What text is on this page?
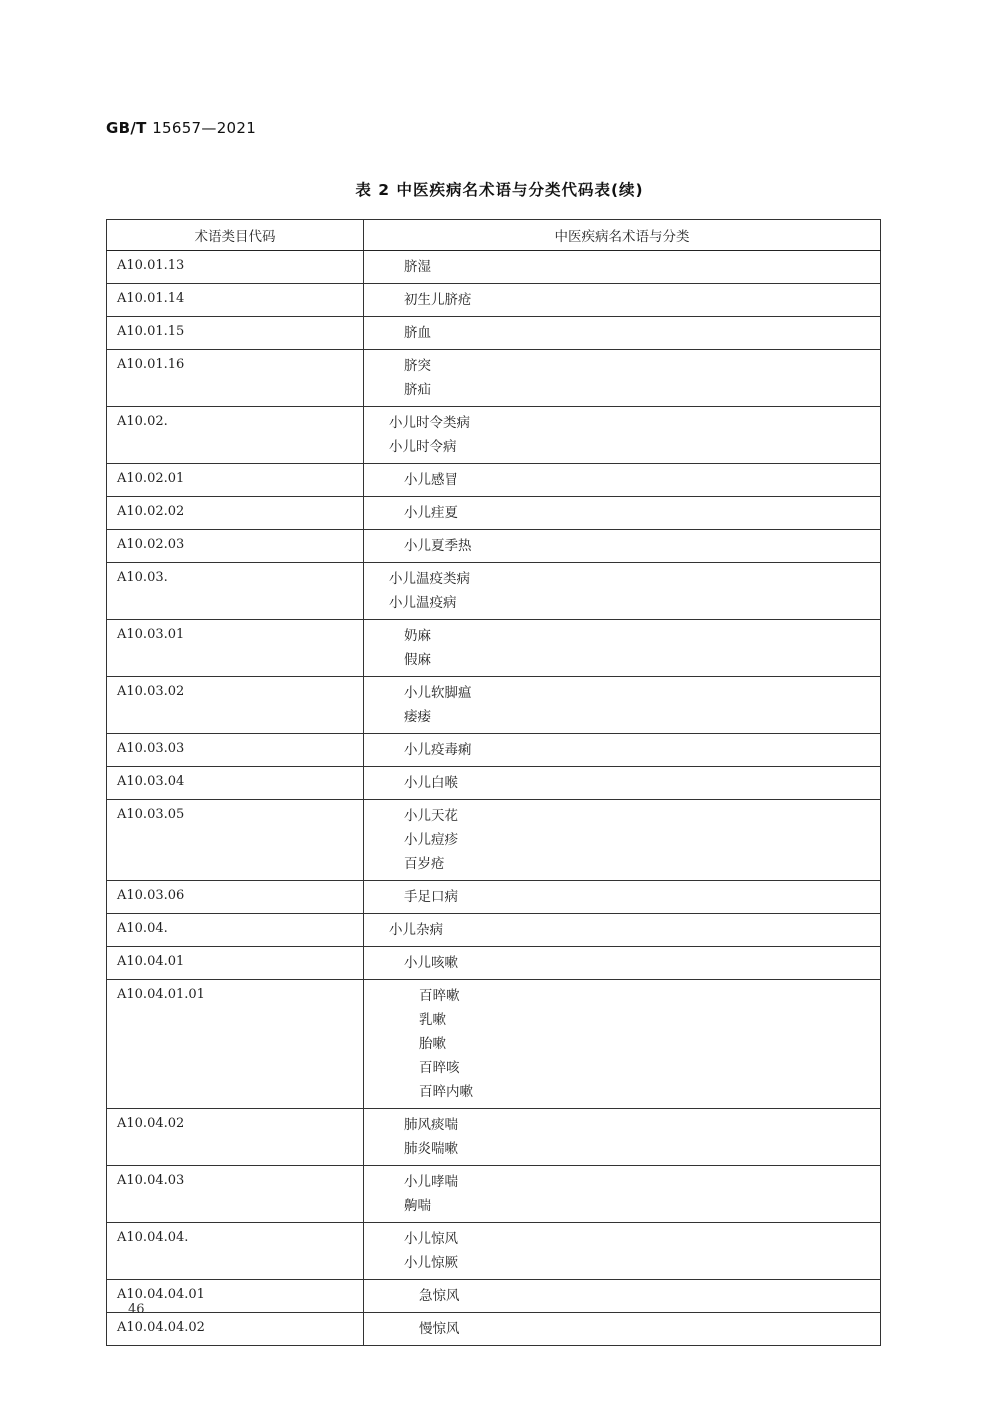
GB/T 15657—2021
表 2 中医疾病名术语与分类代码表(续)
术语类目代码	中医疾病名术语与分类

A10.01.13	脐湿

A10.01.14	初生儿脐疮

A10.01.15	脐血

A10.01.16	脐突
脐疝

A10.02.	小儿时令类病
小儿时令病

A10.02.01	小儿感冒

A10.02.02	小儿疰夏

A10.02.03	小儿夏季热

A10.03.	小儿温疫类病
小儿温疫病

A10.03.01	奶麻
假麻

A10.03.02	小儿软脚瘟
痿痿

A10.03.03	小儿疫毒痢

A10.03.04	小儿白喉

A10.03.05	小儿天花
小儿痘疹
百岁疮

A10.03.06	手足口病

A10.04.	小儿杂病

A10.04.01	小儿咳嗽

A10.04.01.01	百晬嗽
乳嗽
胎嗽
百晬咳
百晬内嗽

A10.04.02	肺风痰喘
肺炎喘嗽

A10.04.03	小儿哮喘
齁喘

A10.04.04.	小儿惊风
小儿惊厥

A10.04.04.01	急惊风

A10.04.04.02	慢惊风
46
